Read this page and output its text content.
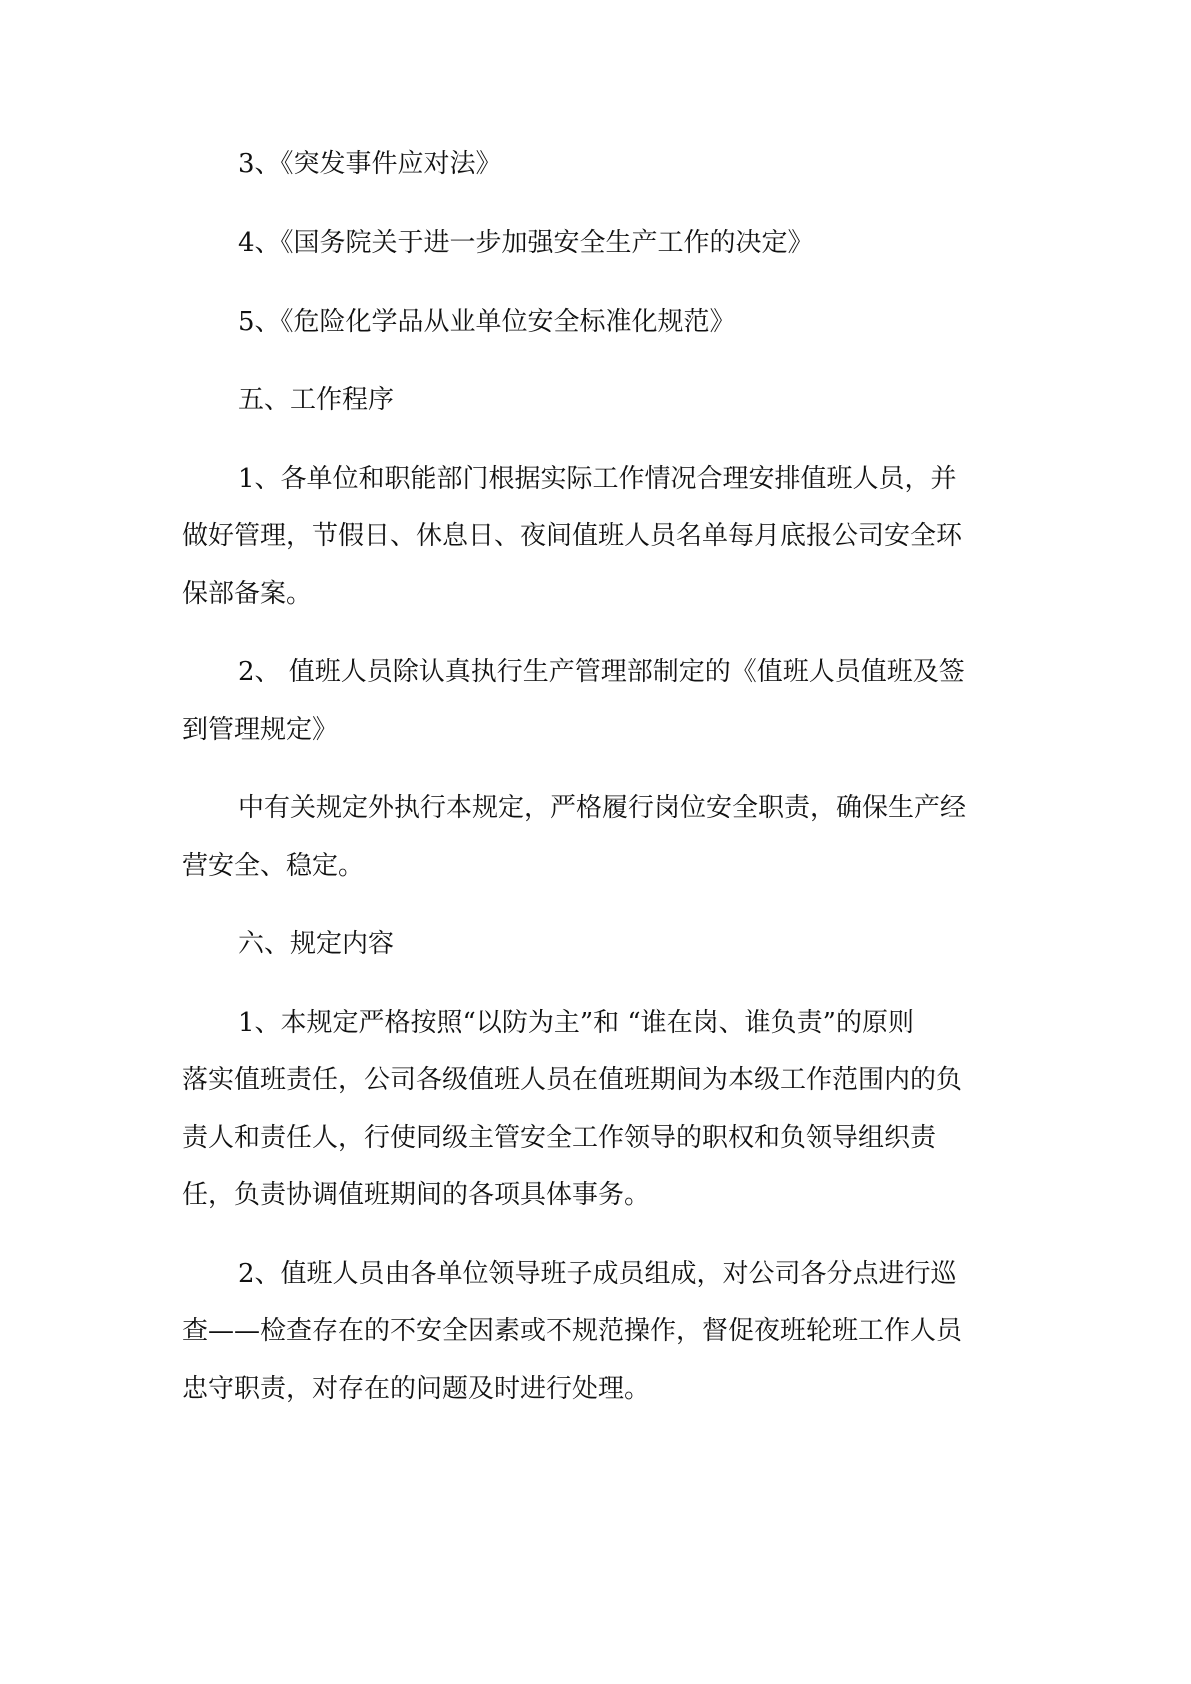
3、《突发事件应对法》

4、《国务院关于进一步加强安全生产工作的决定》

5、《危险化学品从业单位安全标准化规范》

五、工作程序

1、各单位和职能部门根据实际工作情况合理安排值班人员，并

做好管理，节假日、休息日、夜间值班人员名单每月底报公司安全环

保部备案。

2、 值班人员除认真执行生产管理部制定的《值班人员值班及签

到管理规定》

中有关规定外执行本规定，严格履行岗位安全职责，确保生产经

营安全、稳定。

六、规定内容

1、本规定严格按照“以防为主”和 “谁在岗、谁负责”的原则

落实值班责任，公司各级值班人员在值班期间为本级工作范围内的负

责人和责任人，行使同级主管安全工作领导的职权和负领导组织责

任，负责协调值班期间的各项具体事务。

2、值班人员由各单位领导班子成员组成，对公司各分点进行巡

查——检查存在的不安全因素或不规范操作，督促夜班轮班工作人员

忠守职责，对存在的问题及时进行处理。
